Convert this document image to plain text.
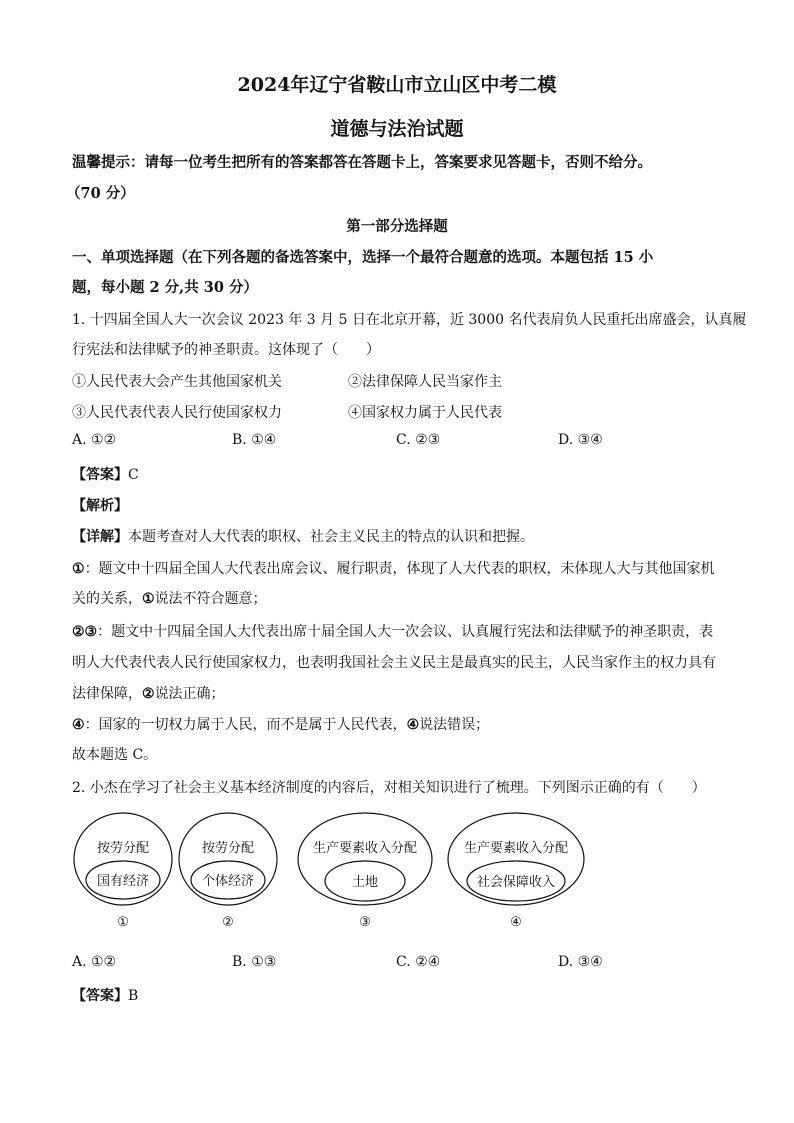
2024年辽宁省鞍山市立山区中考二模
道德与法治试题
温馨提示：请每一位考生把所有的答案都答在答题卡上，答案要求见答题卡，否则不给分。
（70 分）
第一部分选择题
一、单项选择题（在下列各题的备选答案中，选择一个最符合题意的选项。本题包括 15 小
题，每小题 2 分,共 30 分）
1. 十四届全国人大一次会议 2023 年 3 月 5 日在北京开幕，近 3000 名代表肩负人民重托出席盛会，认真履
行宪法和法律赋予的神圣职责。这体现了（　　）
①人民代表大会产生其他国家机关	②法律保障人民当家作主
③人民代表代表人民行使国家权力	④国家权力属于人民代表
A. ①②	B. ①④	C. ②③	D. ③④
【答案】C
【解析】
【详解】本题考查对人大代表的职权、社会主义民主的特点的认识和把握。
①：题文中十四届全国人大代表出席会议、履行职责，体现了人大代表的职权，未体现人大与其他国家机
关的关系，①说法不符合题意；
②③：题文中十四届全国人大代表出席十届全国人大一次会议、认真履行宪法和法律赋予的神圣职责，表
明人大代表代表人民行使国家权力，也表明我国社会主义民主是最真实的民主，人民当家作主的权力具有
法律保障，②说法正确；
④：国家的一切权力属于人民，而不是属于人民代表，④说法错误；
故本题选 C。
2. 小杰在学习了社会主义基本经济制度的内容后，对相关知识进行了梳理。下列图示正确的有（　　）
按劳分配
国有经济
①
按劳分配
个体经济
②
生产要素收入分配
土地
③
生产要素收入分配
社会保障收入
④
A. ①②	B. ①③	C. ②④	D. ③④
【答案】B
